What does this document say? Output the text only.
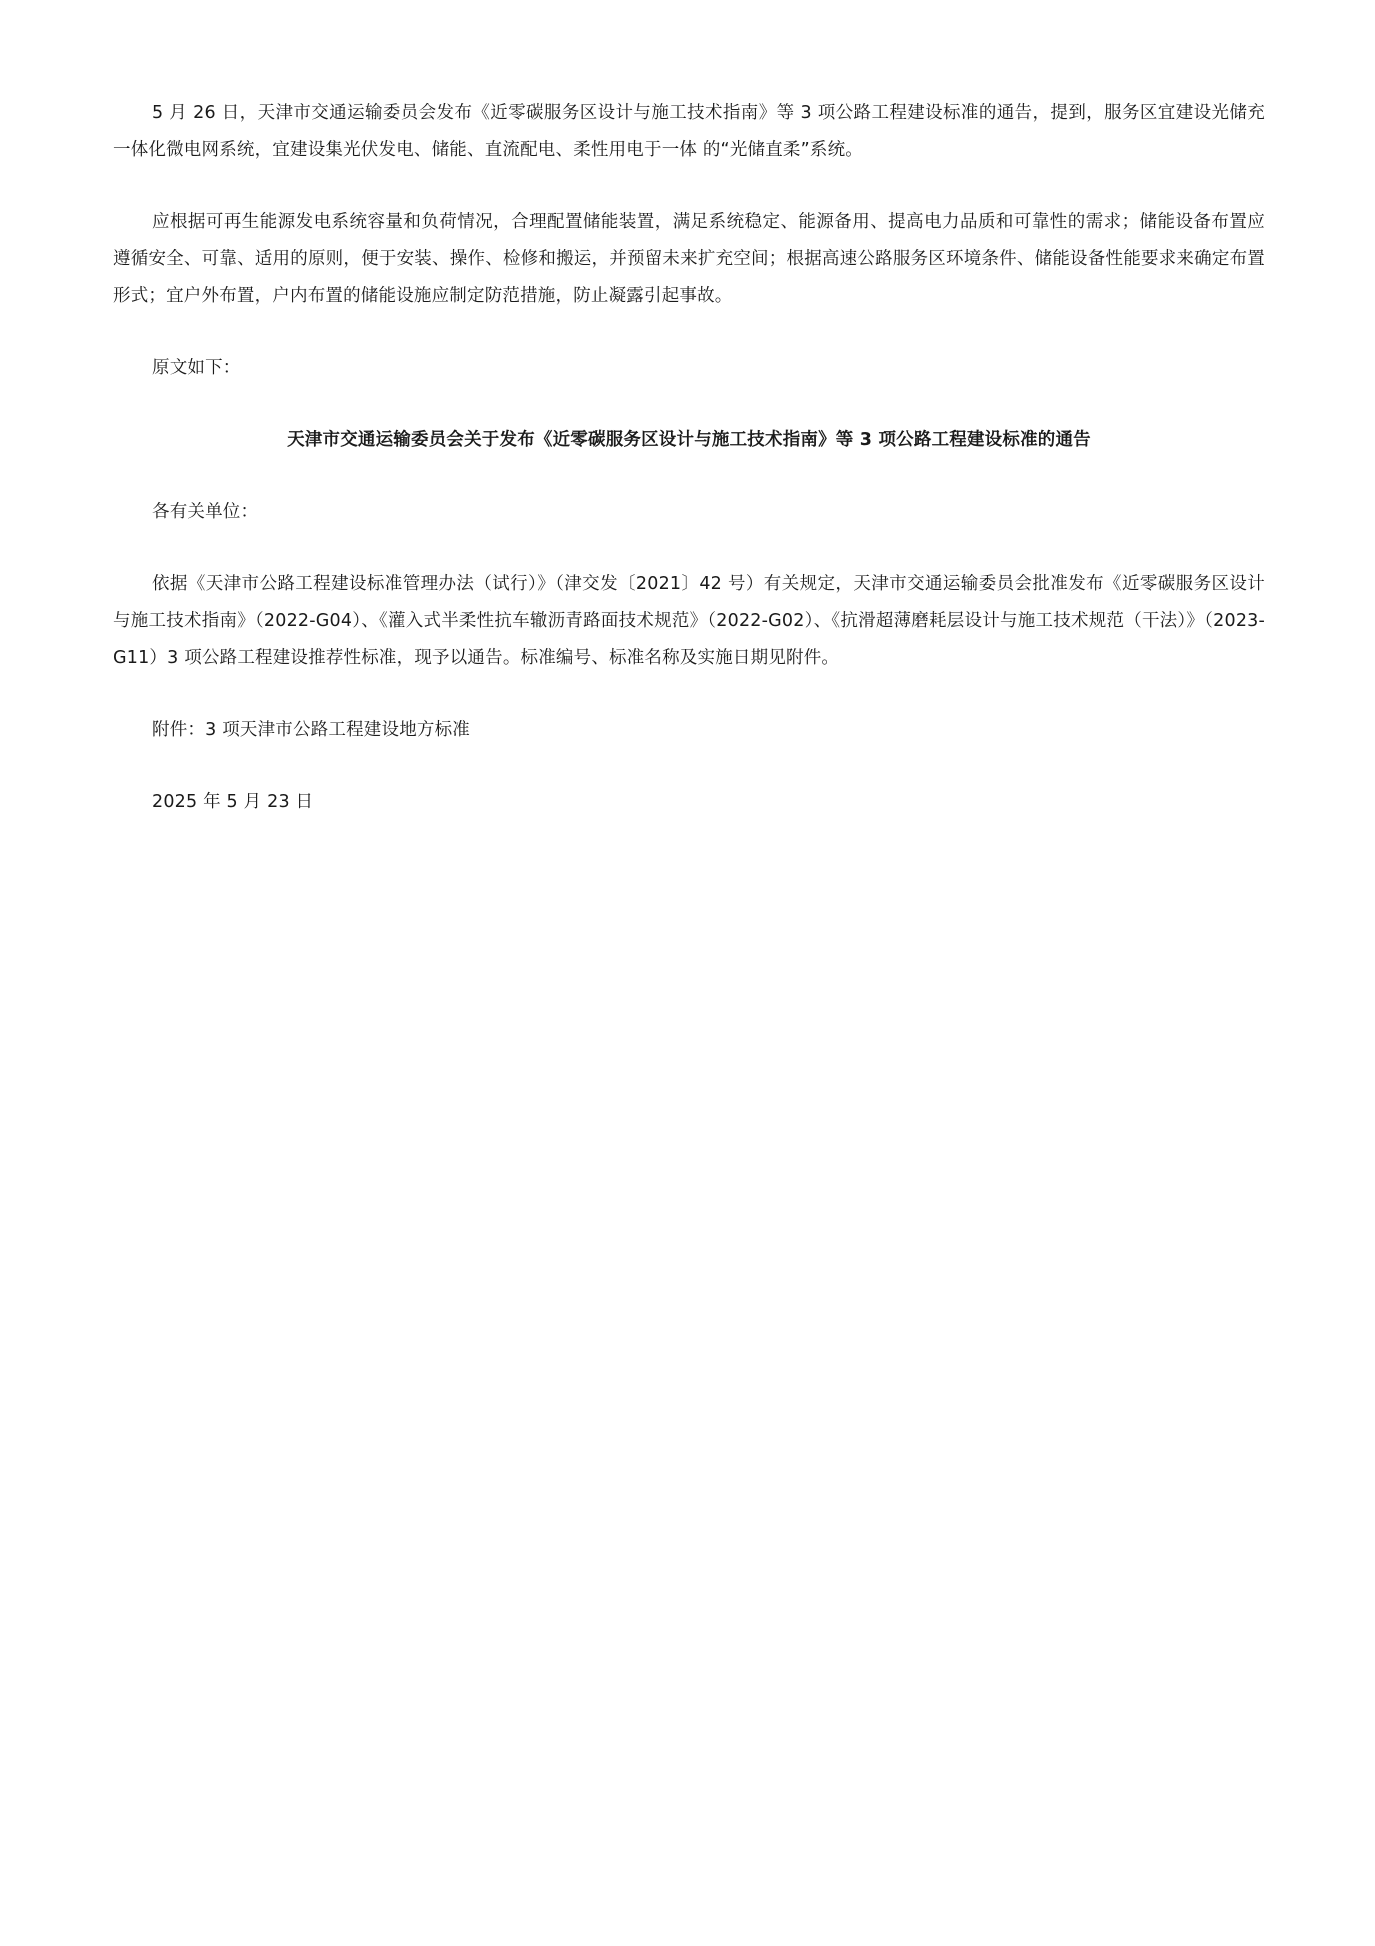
5 月 26 日，天津市交通运输委员会发布《近零碳服务区设计与施工技术指南》等 3 项公路工程建设标准的通告，提到，服务区宜建设光储充一体化微电网系统，宜建设集光伏发电、储能、直流配电、柔性用电于一体 的“光储直柔”系统。

应根据可再生能源发电系统容量和负荷情况，合理配置储能装置，满足系统稳定、能源备用、提高电力品质和可靠性的需求；储能设备布置应遵循安全、可靠、适用的原则，便于安装、操作、检修和搬运，并预留未来扩充空间；根据高速公路服务区环境条件、储能设备性能要求来确定布置形式；宜户外布置，户内布置的储能设施应制定防范措施，防止凝露引起事故。

原文如下：

天津市交通运输委员会关于发布《近零碳服务区设计与施工技术指南》等 3 项公路工程建设标准的通告

各有关单位：

依据《天津市公路工程建设标准管理办法（试行）》（津交发〔2021〕42 号）有关规定，天津市交通运输委员会批准发布《近零碳服务区设计与施工技术指南》（2022-G04）、《灌入式半柔性抗车辙沥青路面技术规范》（2022-G02）、《抗滑超薄磨耗层设计与施工技术规范（干法）》（2023-G11）3 项公路工程建设推荐性标准，现予以通告。标准编号、标准名称及实施日期见附件。

附件：3 项天津市公路工程建设地方标准

2025 年 5 月 23 日
